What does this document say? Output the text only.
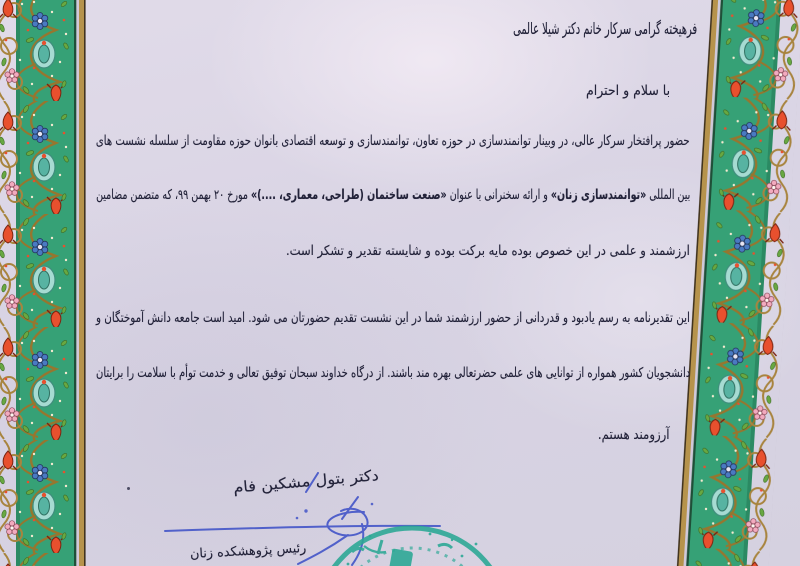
فرهیخته گرامی سرکار خانم دکتر شیلا عالمی
با سلام و احترام
حضور پرافتخار سرکار عالی، در وبینار توانمندسازی در حوزه تعاون، توانمندسازی و توسعه اقتصادی بانوان حوزه مقاومت از سلسله نشست های
بین المللی «توانمندسازی زنان» و ارائه سخنرانی با عنوان «صنعت ساختمان (طراحی، معماری، ....)» مورخ ۲۰ بهمن ۹۹، که متضمن مضامین
ارزشمند و علمی در این خصوص بوده مایه برکت بوده و شایسته تقدیر و تشکر است.
این تقدیرنامه به رسم یادبود و قدردانی از حضور ارزشمند شما در این نشست تقدیم حضورتان می شود. امید است جامعه دانش آموختگان و
دانشجویان کشور همواره از توانایی های علمی حضرتعالی بهره مند باشند. از درگاه خداوند سبحان توفیق تعالی و خدمت توأم با سلامت را برایتان
آرزومند هستم.
دکتر بتول مشکین فام
رئیس پژوهشکده زنان
